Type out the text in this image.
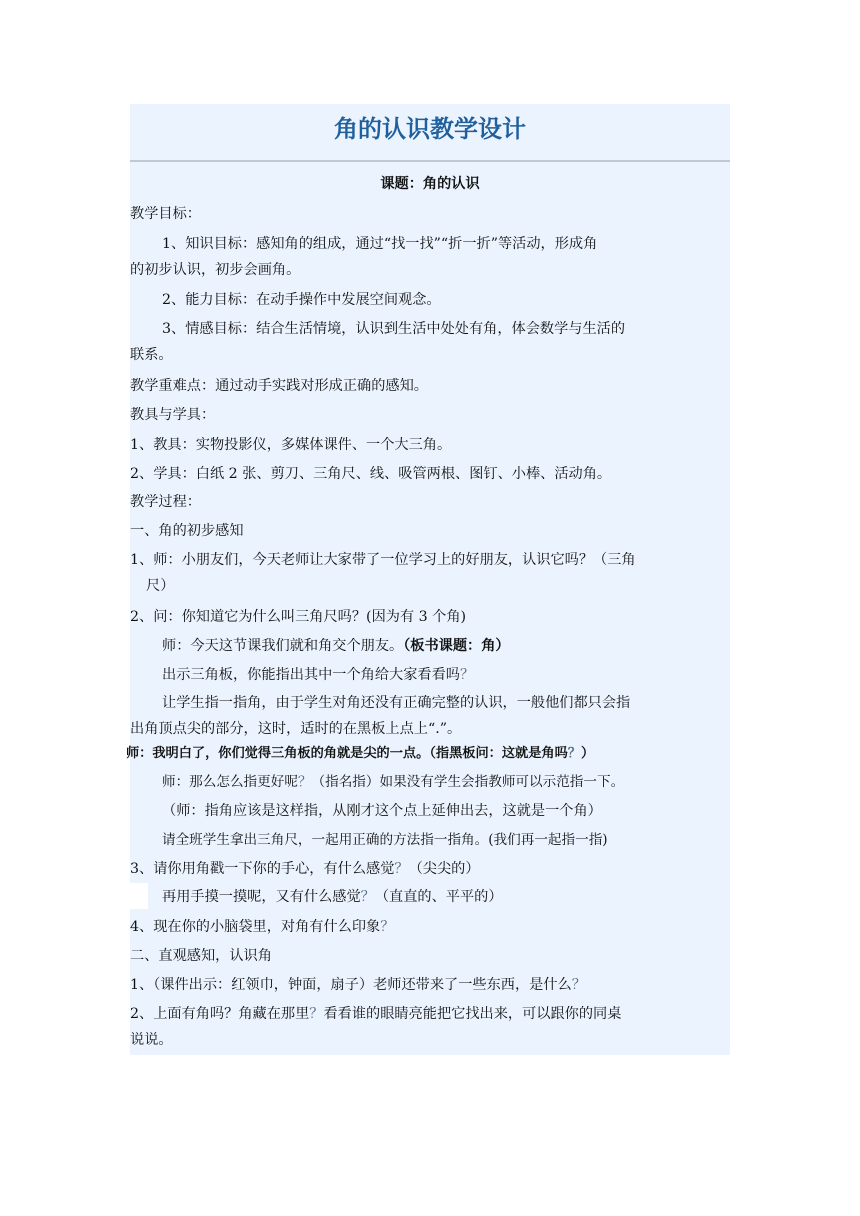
角的认识教学设计
课题：角的认识
教学目标：
1、知识目标：感知角的组成，通过“找一找”“折一折”等活动，形成角
的初步认识，初步会画角。
2、能力目标：在动手操作中发展空间观念。
3、情感目标：结合生活情境，认识到生活中处处有角，体会数学与生活的
联系。
教学重难点：通过动手实践对形成正确的感知。
教具与学具：
1、教具：实物投影仪，多媒体课件、一个大三角。
2、学具：白纸 2 张、剪刀、三角尺、线、吸管两根、图钉、小棒、活动角。
教学过程：
一、角的初步感知
1、师：小朋友们，今天老师让大家带了一位学习上的好朋友，认识它吗？（三角
尺）
2、问：你知道它为什么叫三角尺吗？(因为有 3 个角)
师：今天这节课我们就和角交个朋友。（板书课题：角）
出示三角板，你能指出其中一个角给大家看看吗？
让学生指一指角，由于学生对角还没有正确完整的认识，一般他们都只会指
出角顶点尖的部分，这时，适时的在黑板上点上“.”。
师：我明白了，你们觉得三角板的角就是尖的一点。（指黑板问：这就是角吗？）
师：那么怎么指更好呢？（指名指）如果没有学生会指教师可以示范指一下。
（师：指角应该是这样指，从刚才这个点上延伸出去，这就是一个角）
请全班学生拿出三角尺，一起用正确的方法指一指角。(我们再一起指一指)
3、请你用角戳一下你的手心，有什么感觉？（尖尖的）
再用手摸一摸呢，又有什么感觉？（直直的、平平的）
4、现在你的小脑袋里，对角有什么印象？
二、直观感知，认识角
1、（课件出示：红领巾，钟面，扇子）老师还带来了一些东西，是什么？
2、上面有角吗？角藏在那里？看看谁的眼睛亮能把它找出来，可以跟你的同桌
说说。
